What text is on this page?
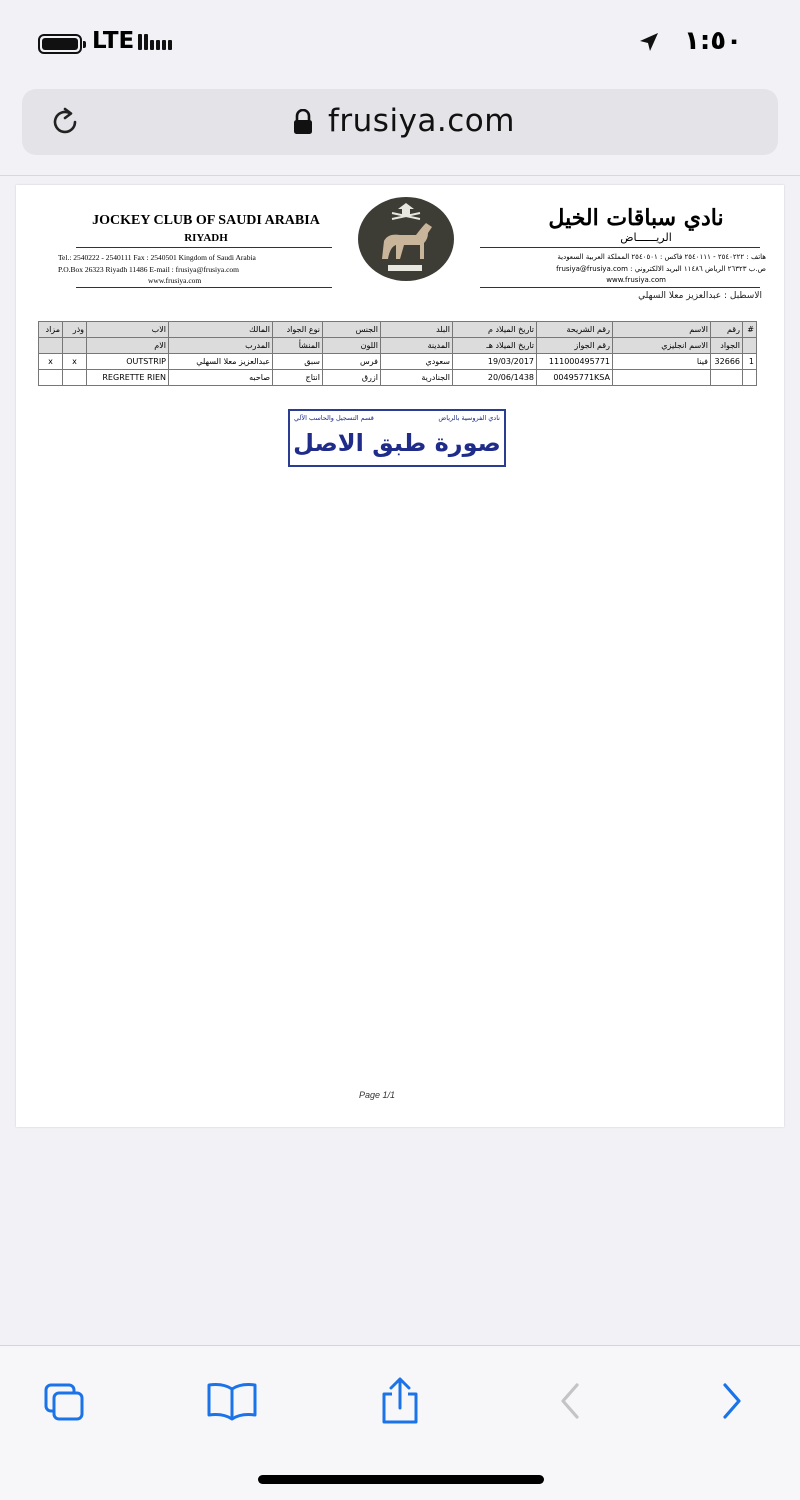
LTE	١:٥٠
frusiya.com
JOCKEY CLUB OF SAUDI ARABIA
RIYADH
Tel.: 2540222 - 2540111 Fax : 2540501 Kingdom of Saudi Arabia
P.O.Box 26323 Riyadh 11486 E-mail : frusiya@frusiya.com
www.frusiya.com
نادي سباقات الخيل
الريــــــاض
هاتف : ٢٥٤٠٢٢٢ - ٢٥٤٠١١١ فاكس : ٢٥٤٠٥٠١ المملكة العربية السعودية
ص.ب ٢٦٣٢٣ الرياض ١١٤٨٦ البريد الالكتروني : frusiya@frusiya.com
www.frusiya.com
الاسطبل : عبدالعزيز معلا السهلي
مزاد	وذر	الاب	المالك	نوع الجواد	الجنس	البلد	تاريخ الميلاد م	رقم الشريحة	الاسم	رقم	#
		الام	المدرب	المنشأ	اللون	المدينة	تاريخ الميلاد هـ	رقم الجواز	الاسم انجليزي	الجواد	
x	x	OUTSTRIP	عبدالعزيز معلا السهلي	سبق	فرس	سعودي	19/03/2017	111000495771	فينا	32666	1
		REGRETTE RIEN	صاحبه	انتاج	ازرق	الجنادرية	20/06/1438	00495771KSA			
نادي الفروسية بالرياض
قسم التسجيل والحاسب الآلي
صورة طبق الاصل
Page 1/1
